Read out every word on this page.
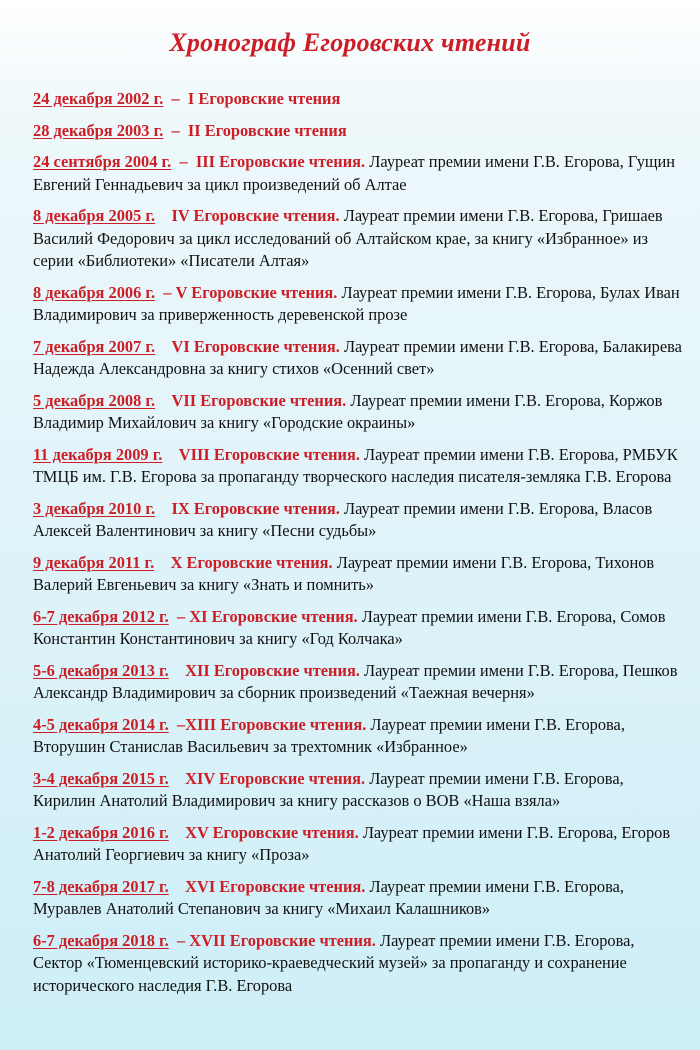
Хронограф Егоровских чтений
24 декабря 2002 г. – I Егоровские чтения
28 декабря 2003 г. – II Егоровские чтения
24 сентября 2004 г. – III Егоровские чтения. Лауреат премии имени Г.В. Егорова, Гущин Евгений Геннадьевич за цикл произведений об Алтае
8 декабря 2005 г. IV Егоровские чтения. Лауреат премии имени Г.В. Егорова, Гришаев Василий Федорович за цикл исследований об Алтайском крае, за книгу «Избранное» из серии «Библиотеки» «Писатели Алтая»
8 декабря 2006 г. – V Егоровские чтения. Лауреат премии имени Г.В. Егорова, Булах Иван Владимирович за приверженность деревенской прозе
7 декабря 2007 г. VI Егоровские чтения. Лауреат премии имени Г.В. Егорова, Балакирева Надежда Александровна за книгу стихов «Осенний свет»
5 декабря 2008 г. VII Егоровские чтения. Лауреат премии имени Г.В. Егорова, Коржов Владимир Михайлович за книгу «Городские окраины»
11 декабря 2009 г. VIII Егоровские чтения. Лауреат премии имени Г.В. Егорова, РМБУК ТМЦБ им. Г.В. Егорова за пропаганду творческого наследия писателя-земляка Г.В. Егорова
3 декабря 2010 г. IX Егоровские чтения. Лауреат премии имени Г.В. Егорова, Власов Алексей Валентинович за книгу «Песни судьбы»
9 декабря 2011 г. X Егоровские чтения. Лауреат премии имени Г.В. Егорова, Тихонов Валерий Евгеньевич за книгу «Знать и помнить»
6-7 декабря 2012 г. – XI Егоровские чтения. Лауреат премии имени Г.В. Егорова, Сомов Константин Константинович за книгу «Год Колчака»
5-6 декабря 2013 г. XII Егоровские чтения. Лауреат премии имени Г.В. Егорова, Пешков Александр Владимирович за сборник произведений «Таежная вечерня»
4-5 декабря 2014 г. –XIII Егоровские чтения. Лауреат премии имени Г.В. Егорова, Вторушин Станислав Васильевич за трехтомник «Избранное»
3-4 декабря 2015 г. XIV Егоровские чтения. Лауреат премии имени Г.В. Егорова, Кирилин Анатолий Владимирович за книгу рассказов о ВОВ «Наша взяла»
1-2 декабря 2016 г. XV Егоровские чтения. Лауреат премии имени Г.В. Егорова, Егоров Анатолий Георгиевич за книгу «Проза»
7-8 декабря 2017 г. XVI Егоровские чтения. Лауреат премии имени Г.В. Егорова, Муравлев Анатолий Степанович за книгу «Михаил Калашников»
6-7 декабря 2018 г. – XVII Егоровские чтения. Лауреат премии имени Г.В. Егорова, Сектор «Тюменцевский историко-краеведческий музей» за пропаганду и сохранение исторического наследия Г.В. Егорова
